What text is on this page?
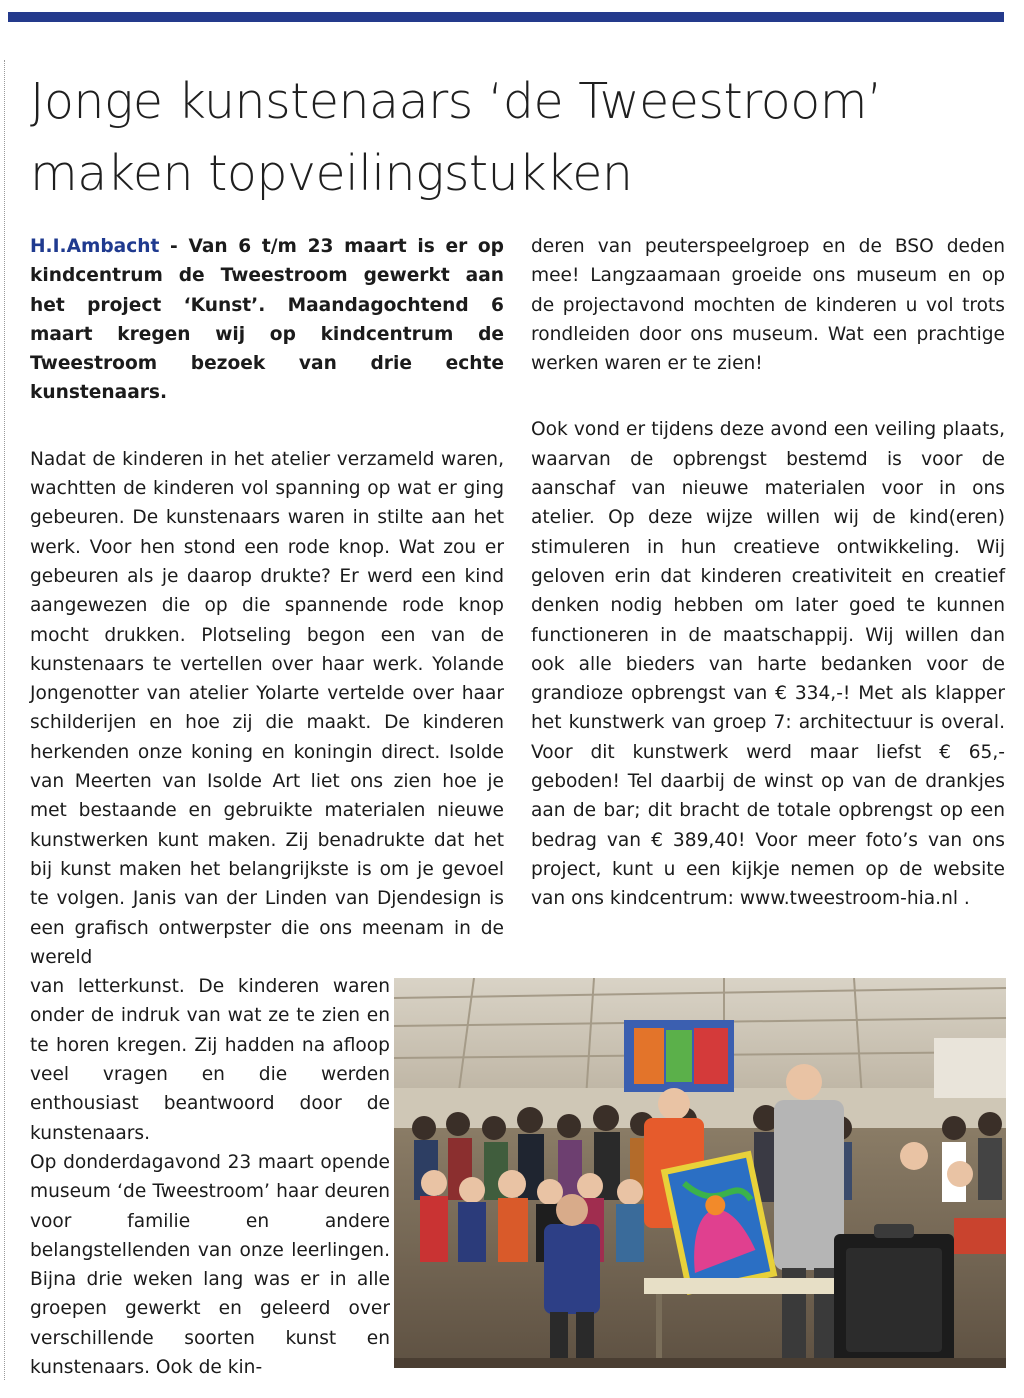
Jonge kunstenaars ‘de Tweestroom’
maken topveilingstukken

H.I.Ambacht - Van 6 t/m 23 maart is er op kindcentrum de Tweestroom gewerkt aan het project ‘Kunst’. Maandagochtend 6 maart kregen wij op kindcentrum de Tweestroom bezoek van drie echte kunstenaars.

Nadat de kinderen in het atelier verzameld waren, wachtten de kinderen vol spanning op wat er ging gebeuren. De kunstenaars waren in stilte aan het werk. Voor hen stond een rode knop. Wat zou er gebeuren als je daarop drukte? Er werd een kind aangewezen die op die spannende rode knop mocht drukken. Plotseling begon een van de kunstenaars te vertellen over haar werk. Yolande Jongenotter van atelier Yolarte vertelde over haar schilderijen en hoe zij die maakt. De kinderen herkenden onze koning en koningin direct. Isolde van Meerten van Isolde Art liet ons zien hoe je met bestaande en gebruikte materialen nieuwe kunstwerken kunt maken. Zij benadrukte dat het bij kunst maken het belangrijkste is om je gevoel te volgen. Janis van der Linden van Djendesign is een grafisch ontwerpster die ons meenam in de wereld

van letterkunst. De kinderen waren onder de indruk van wat ze te zien en te horen kregen. Zij hadden na afloop veel vragen en die werden enthousiast beantwoord door de kunstenaars.

Op donderdagavond 23 maart opende museum ‘de Tweestroom’ haar deuren voor familie en andere belangstellenden van onze leerlingen. Bijna drie weken lang was er in alle groepen gewerkt en geleerd over verschillende soorten kunst en kunstenaars. Ook de kin-

deren van peuterspeelgroep en de BSO deden mee! Langzaamaan groeide ons museum en op de projectavond mochten de kinderen u vol trots rondleiden door ons museum. Wat een prachtige werken waren er te zien!

Ook vond er tijdens deze avond een veiling plaats, waarvan de opbrengst bestemd is voor de aanschaf van nieuwe materialen voor in ons atelier. Op deze wijze willen wij de kind(eren) stimuleren in hun creatieve ontwikkeling. Wij geloven erin dat kinderen creativiteit en creatief denken nodig hebben om later goed te kunnen functioneren in de maatschappij. Wij willen dan ook alle bieders van harte bedanken voor de grandioze opbrengst van € 334,-! Met als klapper het kunstwerk van groep 7: architectuur is overal. Voor dit kunstwerk werd maar liefst € 65,- geboden! Tel daarbij de winst op van de drankjes aan de bar; dit bracht de totale opbrengst op een bedrag van € 389,40! Voor meer foto’s van ons project, kunt u een kijkje nemen op de website van ons kindcentrum: www.tweestroom-hia.nl .
